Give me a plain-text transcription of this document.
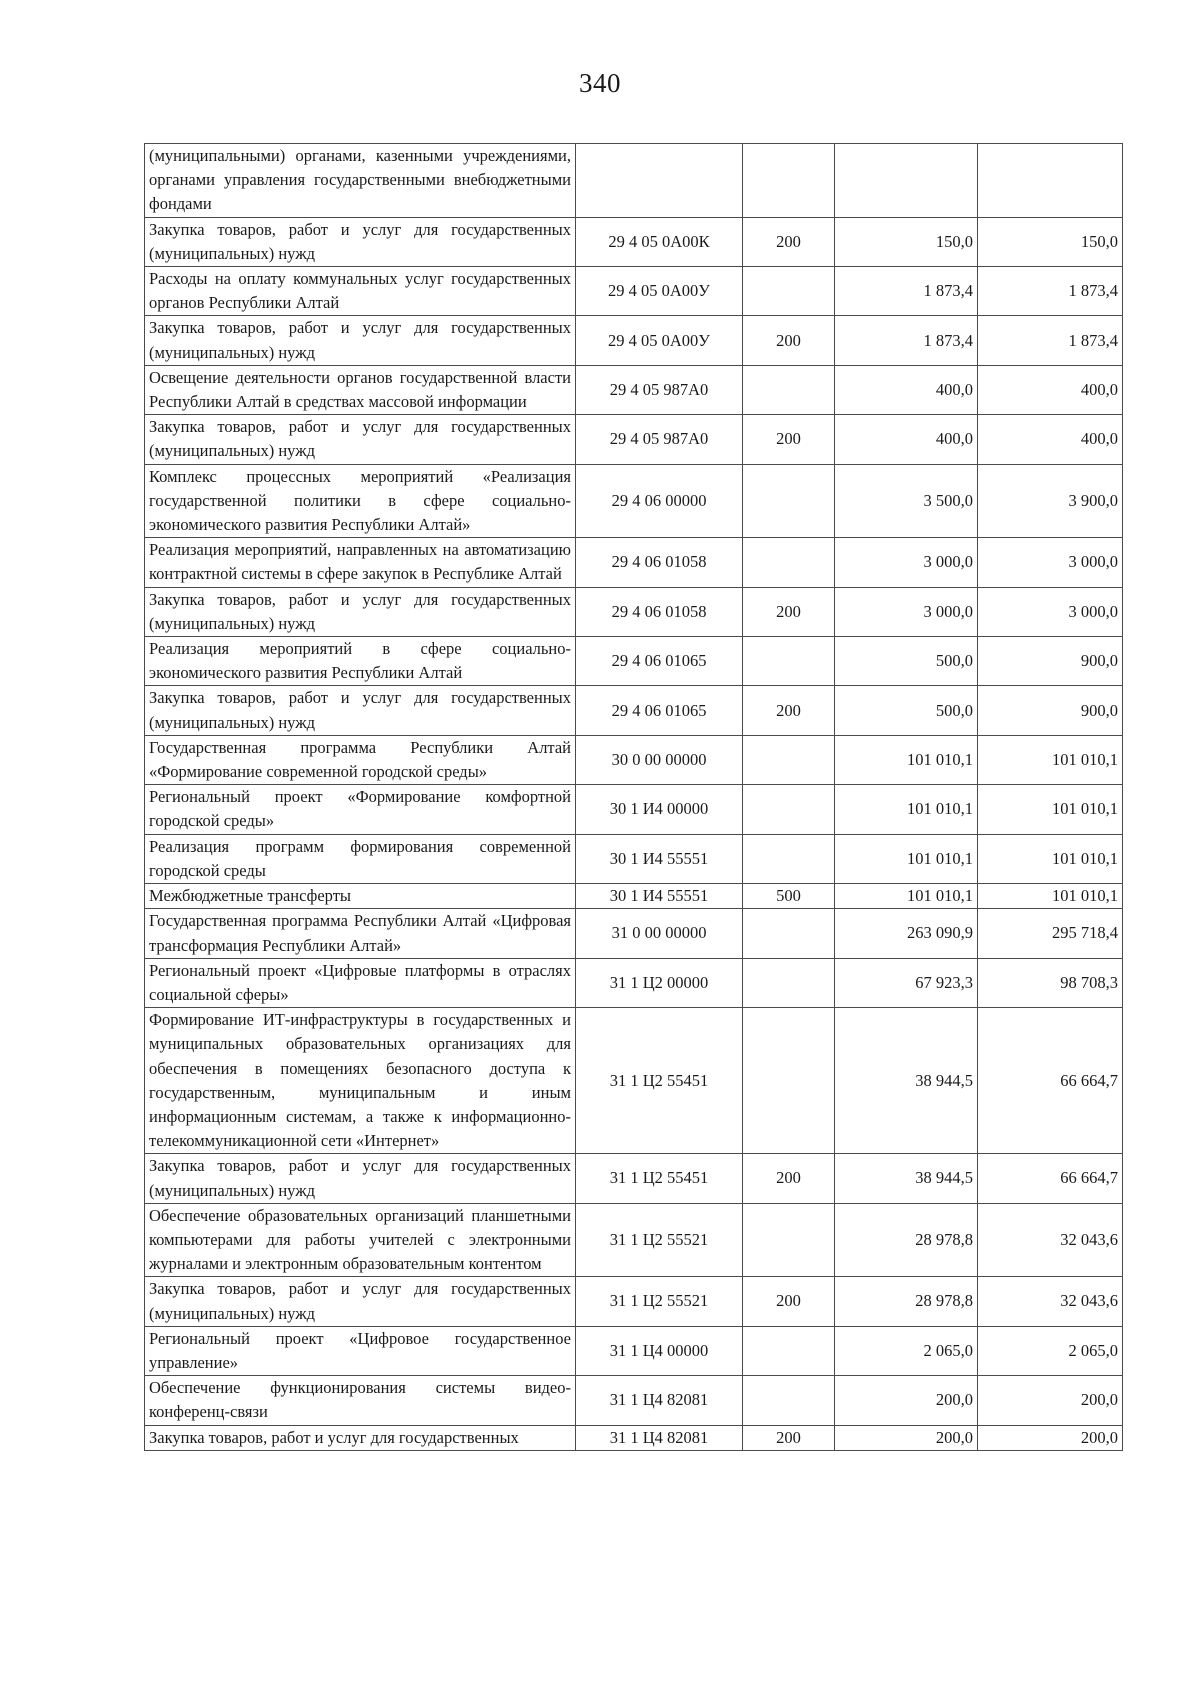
340
(муниципальными) органами, казенными учреждениями, органами управления государственными внебюджетными фондами				
Закупка товаров, работ и услуг для государственных (муниципальных) нужд	29 4 05 0А00К	200	150,0	150,0
Расходы на оплату коммунальных услуг государственных органов Республики Алтай	29 4 05 0А00У		1 873,4	1 873,4
Закупка товаров, работ и услуг для государственных (муниципальных) нужд	29 4 05 0А00У	200	1 873,4	1 873,4
Освещение деятельности органов государственной власти Республики Алтай в средствах массовой информации	29 4 05 987А0		400,0	400,0
Закупка товаров, работ и услуг для государственных (муниципальных) нужд	29 4 05 987А0	200	400,0	400,0
Комплекс процессных мероприятий «Реализация государственной политики в сфере социально-экономического развития Республики Алтай»	29 4 06 00000		3 500,0	3 900,0
Реализация мероприятий, направленных на автоматизацию контрактной системы в сфере закупок в Республике Алтай	29 4 06 01058		3 000,0	3 000,0
Закупка товаров, работ и услуг для государственных (муниципальных) нужд	29 4 06 01058	200	3 000,0	3 000,0
Реализация мероприятий в сфере социально-экономического развития Республики Алтай	29 4 06 01065		500,0	900,0
Закупка товаров, работ и услуг для государственных (муниципальных) нужд	29 4 06 01065	200	500,0	900,0
Государственная программа Республики Алтай «Формирование современной городской среды»	30 0 00 00000		101 010,1	101 010,1
Региональный проект «Формирование комфортной городской среды»	30 1 И4 00000		101 010,1	101 010,1
Реализация программ формирования современной городской среды	30 1 И4 55551		101 010,1	101 010,1
Межбюджетные трансферты	30 1 И4 55551	500	101 010,1	101 010,1
Государственная программа Республики Алтай «Цифровая трансформация Республики Алтай»	31 0 00 00000		263 090,9	295 718,4
Региональный проект «Цифровые платформы в отраслях социальной сферы»	31 1 Ц2 00000		67 923,3	98 708,3
Формирование ИТ-инфраструктуры в государственных и муниципальных образовательных организациях для обеспечения в помещениях безопасного доступа к государственным, муниципальным и иным информационным системам, а также к информационно-телекоммуникационной сети «Интернет»	31 1 Ц2 55451		38 944,5	66 664,7
Закупка товаров, работ и услуг для государственных (муниципальных) нужд	31 1 Ц2 55451	200	38 944,5	66 664,7
Обеспечение образовательных организаций планшетными компьютерами для работы учителей с электронными журналами и электронным образовательным контентом	31 1 Ц2 55521		28 978,8	32 043,6
Закупка товаров, работ и услуг для государственных (муниципальных) нужд	31 1 Ц2 55521	200	28 978,8	32 043,6
Региональный проект «Цифровое государственное управление»	31 1 Ц4 00000		2 065,0	2 065,0
Обеспечение функционирования системы видео-конференц-связи	31 1 Ц4 82081		200,0	200,0
Закупка товаров, работ и услуг для государственных	31 1 Ц4 82081	200	200,0	200,0
